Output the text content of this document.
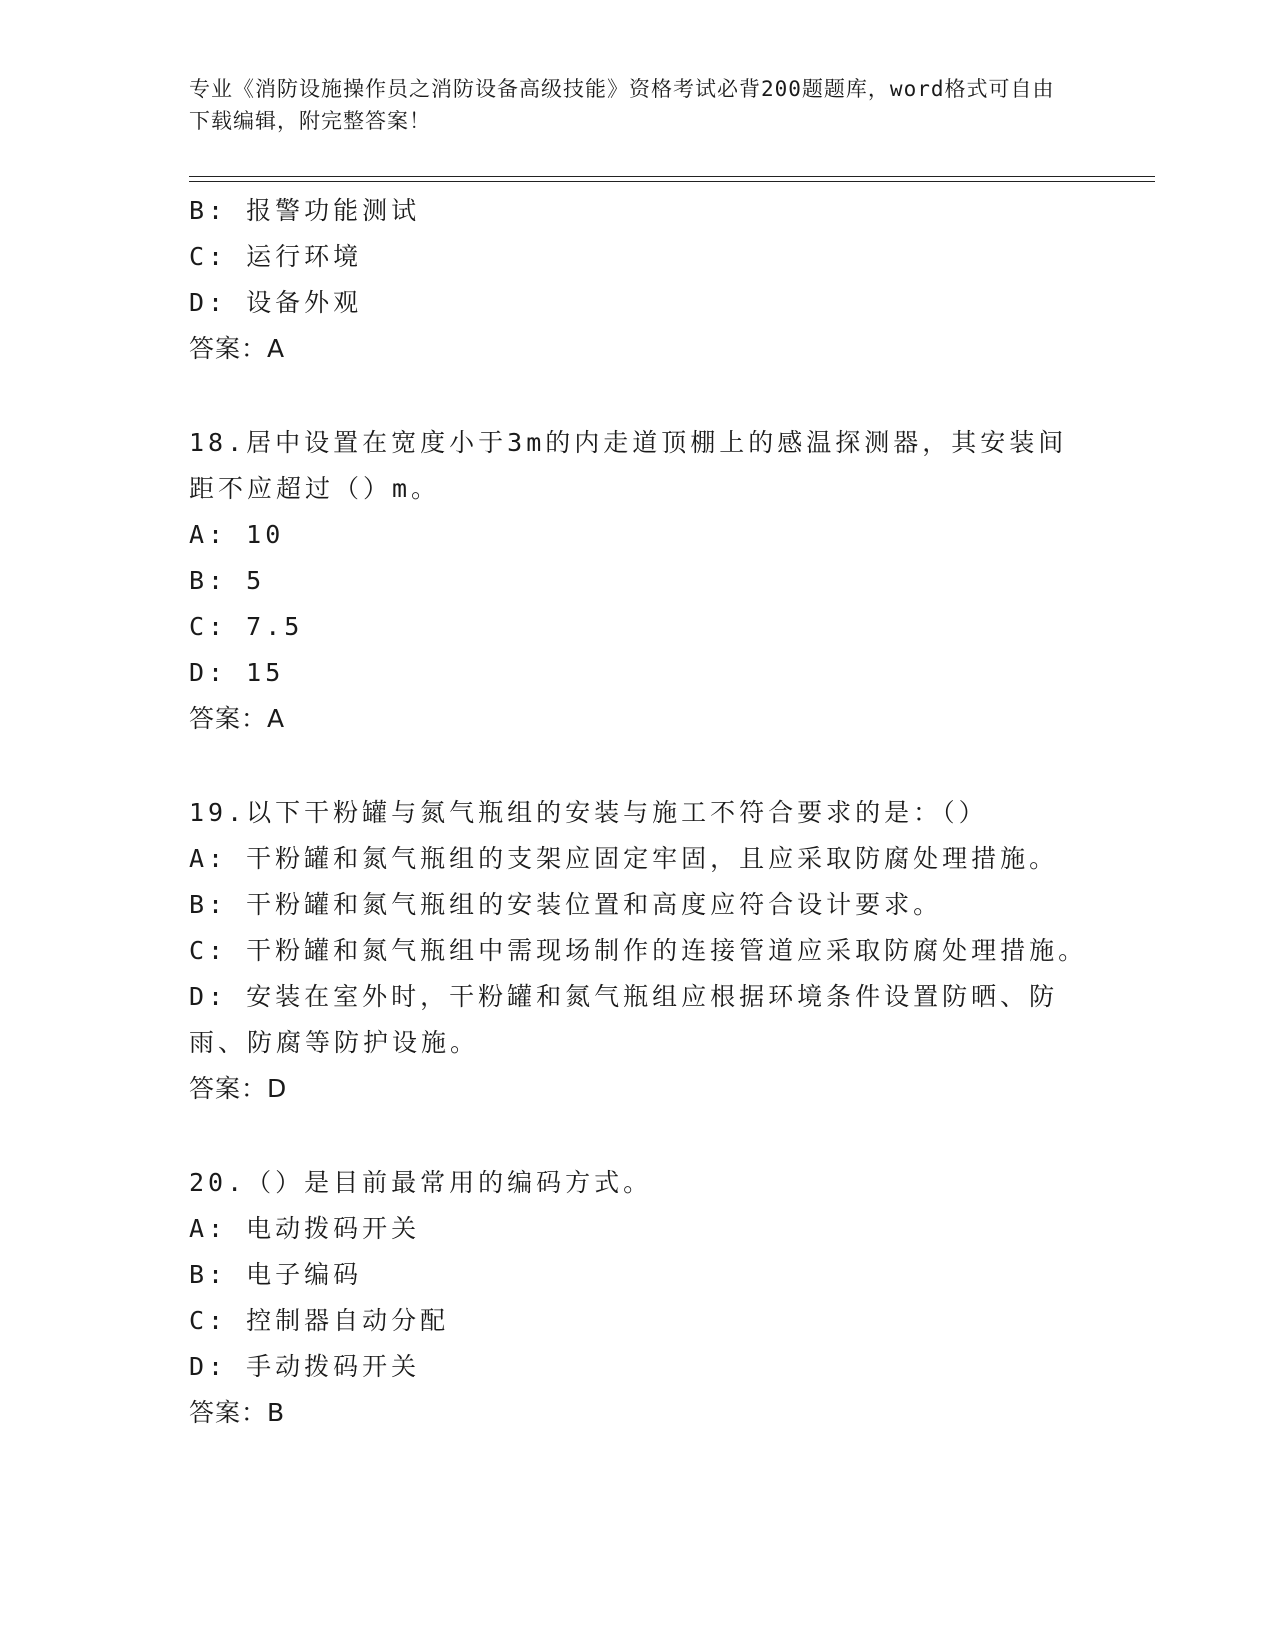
专业《消防设施操作员之消防设备高级技能》资格考试必背200题题库，word格式可自由下载编辑，附完整答案！
B: 报警功能测试
C: 运行环境
D: 设备外观
答案：A
18.居中设置在宽度小于3m的内走道顶棚上的感温探测器，其安装间距不应超过（）m。
A: 10
B: 5
C: 7.5
D: 15
答案：A
19.以下干粉罐与氮气瓶组的安装与施工不符合要求的是：（）
A: 干粉罐和氮气瓶组的支架应固定牢固，且应采取防腐处理措施。
B: 干粉罐和氮气瓶组的安装位置和高度应符合设计要求。
C: 干粉罐和氮气瓶组中需现场制作的连接管道应采取防腐处理措施。
D: 安装在室外时，干粉罐和氮气瓶组应根据环境条件设置防晒、防雨、防腐等防护设施。
答案：D
20.（）是目前最常用的编码方式。
A: 电动拨码开关
B: 电子编码
C: 控制器自动分配
D: 手动拨码开关
答案：B
